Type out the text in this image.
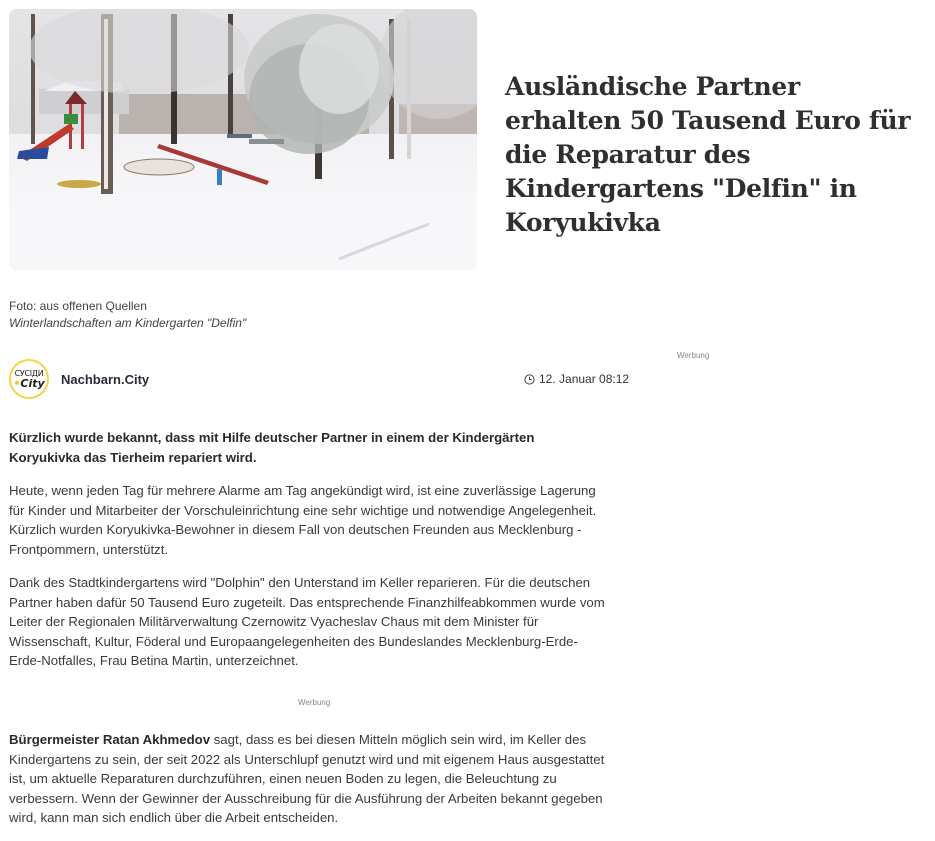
Ausländische Partner erhalten 50 Tausend Euro für die Reparatur des Kindergartens "Delfin" in Koryukivka
Foto: aus offenen Quellen
Winterlandschaften am Kindergarten "Delfin"
Werbung
СУСІДИ
•City Nachbarn.City	12. Januar 08:12

Kürzlich wurde bekannt, dass mit Hilfe deutscher Partner in einem der Kindergärten Koryukivka das Tierheim repariert wird.

Heute, wenn jeden Tag für mehrere Alarme am Tag angekündigt wird, ist eine zuverlässige Lagerung für Kinder und Mitarbeiter der Vorschuleinrichtung eine sehr wichtige und notwendige Angelegenheit. Kürzlich wurden Koryukivka-Bewohner in diesem Fall von deutschen Freunden aus Mecklenburg - Frontpommern, unterstützt.

Dank des Stadtkindergartens wird "Dolphin" den Unterstand im Keller reparieren. Für die deutschen Partner haben dafür 50 Tausend Euro zugeteilt. Das entsprechende Finanzhilfeabkommen wurde vom Leiter der Regionalen Militärverwaltung Czernowitz Vyacheslav Chaus mit dem Minister für Wissenschaft, Kultur, Föderal und Europaangelegenheiten des Bundeslandes Mecklenburg-Erde-Erde-Notfalles, Frau Betina Martin, unterzeichnet.

Werbung

Bürgermeister Ratan Akhmedov sagt, dass es bei diesen Mitteln möglich sein wird, im Keller des Kindergartens zu sein, der seit 2022 als Unterschlupf genutzt wird und mit eigenem Haus ausgestattet ist, um aktuelle Reparaturen durchzuführen, einen neuen Boden zu legen, die Beleuchtung zu verbessern. Wenn der Gewinner der Ausschreibung für die Ausführung der Arbeiten bekannt gegeben wird, kann man sich endlich über die Arbeit entscheiden.
